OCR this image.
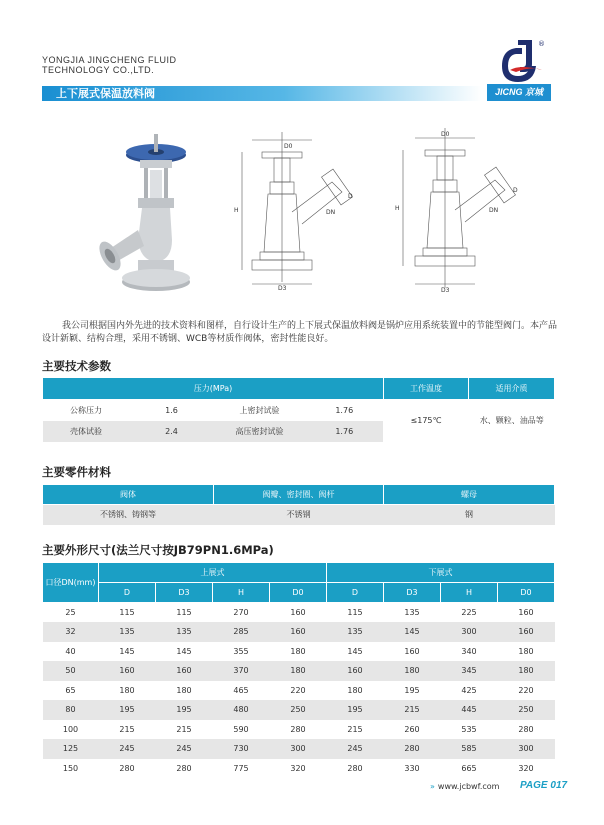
YONGJIA JINGCHENG FLUID
TECHNOLOGY CO.,LTD.
®
JICNG 京城
上下展式保温放料阀
D0
H
D3
DN
D
D0
H
D3
DN
D

我公司根据国内外先进的技术资料和图样，自行设计生产的上下展式保温放料阀是锅炉应用系统装置中的节能型阀门。本产品设计新颖、结构合理，采用不锈钢、WCB等材质作阀体，密封性能良好。

主要技术参数
压力(MPa)				工作温度	适用介质
公称压力	1.6	上密封试验	1.76	≤175℃	水、颗粒、油品等
壳体试验	2.4	高压密封试验	1.76		
主要零件材料
阀体	阀瓣、密封圈、阀杆	螺母
不锈钢、铸钢等	不锈钢	钢
主要外形尺寸(法兰尺寸按JB79PN1.6MPa)
口径DN(mm)	上展式				下展式			
	D	D3	H	D0	D	D3	H	D0
25	115	115	270	160	115	135	225	160
32	135	135	285	160	135	145	300	160
40	145	145	355	180	145	160	340	180
50	160	160	370	180	160	180	345	180
65	180	180	465	220	180	195	425	220
80	195	195	480	250	195	215	445	250
100	215	215	590	280	215	260	535	280
125	245	245	730	300	245	280	585	300
150	280	280	775	320	280	330	665	320
» www.jcbwf.com PAGE 017
